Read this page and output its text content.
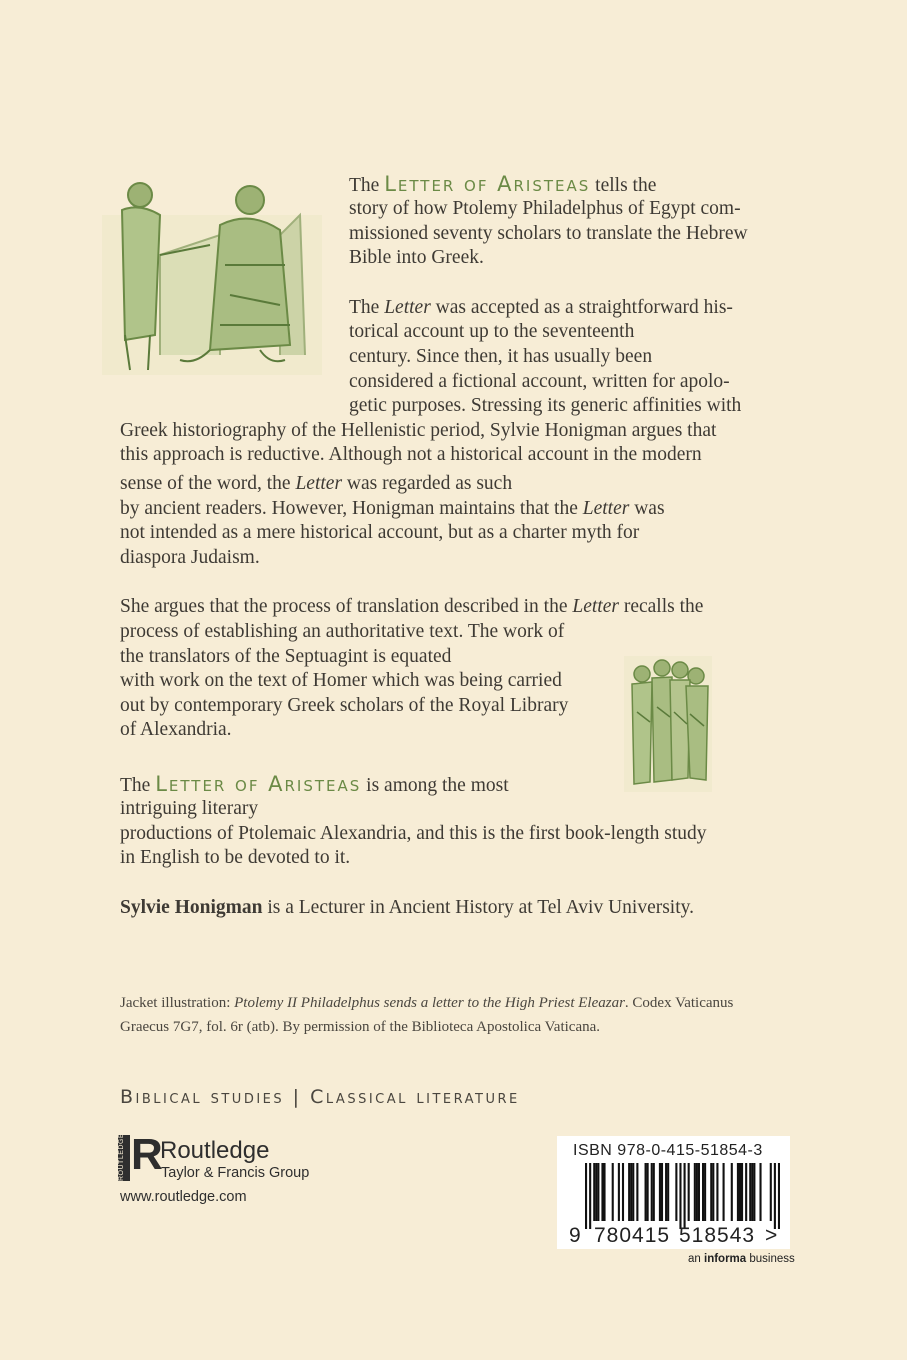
The Letter of Aristeas tells the
story of how Ptolemy Philadelphus of Egypt com-
missioned seventy scholars to translate the Hebrew
Bible into Greek.
The Letter was accepted as a straightforward his-
torical account up to the seventeenth
century. Since then, it has usually been
considered a fictional account, written for apolo-
getic purposes. Stressing its generic affinities with
Greek historiography of the Hellenistic period, Sylvie Honigman argues that
this approach is reductive. Although not a historical account in the modern
sense of the word, the Letter was regarded as such
by ancient readers. However, Honigman maintains that the Letter was
not intended as a mere historical account, but as a charter myth for
diaspora Judaism.
She argues that the process of translation described in the Letter recalls the
process of establishing an authoritative text. The work of
the translators of the Septuagint is equated
with work on the text of Homer which was being carried
out by contemporary Greek scholars of the Royal Library
of Alexandria.
The Letter of Aristeas is among the most
intriguing literary
productions of Ptolemaic Alexandria, and this is the first book-length study
in English to be devoted to it.
Sylvie Honigman is a Lecturer in Ancient History at Tel Aviv University.
Jacket illustration: Ptolemy II Philadelphus sends a letter to the High Priest Eleazar. Codex Vaticanus
Graecus 7G7, fol. 6r (atb). By permission of the Biblioteca Apostolica Vaticana.
Biblical studies | Classical literature
ROUTLEDGE R
Routledge
Taylor & Francis Group
www.routledge.com
ISBN 978-0-415-51854-3
9 780415 518543 >
an informa business
